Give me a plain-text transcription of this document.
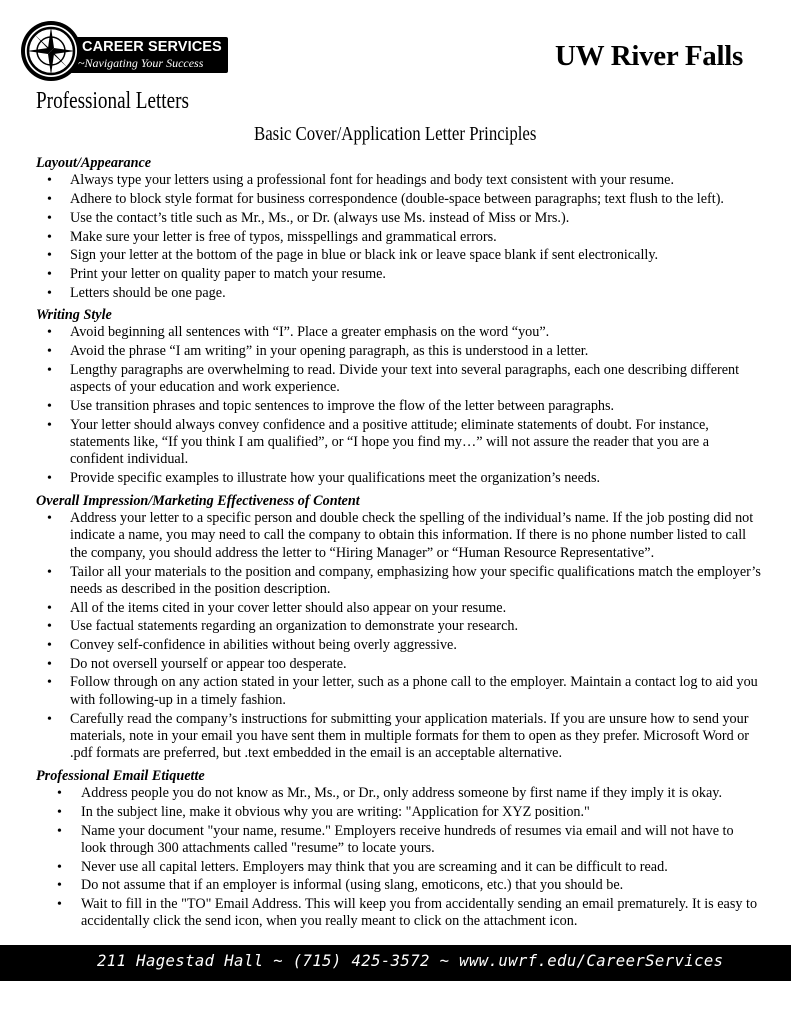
CAREER SERVICES
~Navigating Your Success	UW River Falls
Professional Letters
Basic Cover/Application Letter Principles
Layout/Appearance
• Always type your letters using a professional font for headings and body text consistent with your resume.
• Adhere to block style format for business correspondence (double-space between paragraphs; text flush to the left).
• Use the contact’s title such as Mr., Ms., or Dr. (always use Ms. instead of Miss or Mrs.).
• Make sure your letter is free of typos, misspellings and grammatical errors.
• Sign your letter at the bottom of the page in blue or black ink or leave space blank if sent electronically.
• Print your letter on quality paper to match your resume.
• Letters should be one page.
Writing Style
• Avoid beginning all sentences with “I”. Place a greater emphasis on the word “you”.
• Avoid the phrase “I am writing” in your opening paragraph, as this is understood in a letter.
• Lengthy paragraphs are overwhelming to read. Divide your text into several paragraphs, each one describing different aspects of your education and work experience.
• Use transition phrases and topic sentences to improve the flow of the letter between paragraphs.
• Your letter should always convey confidence and a positive attitude; eliminate statements of doubt. For instance, statements like, “If you think I am qualified”, or “I hope you find my…” will not assure the reader that you are a confident individual.
• Provide specific examples to illustrate how your qualifications meet the organization’s needs.
Overall Impression/Marketing Effectiveness of Content
• Address your letter to a specific person and double check the spelling of the individual’s name. If the job posting did not indicate a name, you may need to call the company to obtain this information. If there is no phone number listed to call the company, you should address the letter to “Hiring Manager” or “Human Resource Representative”.
• Tailor all your materials to the position and company, emphasizing how your specific qualifications match the employer’s needs as described in the position description.
• All of the items cited in your cover letter should also appear on your resume.
• Use factual statements regarding an organization to demonstrate your research.
• Convey self-confidence in abilities without being overly aggressive.
• Do not oversell yourself or appear too desperate.
• Follow through on any action stated in your letter, such as a phone call to the employer. Maintain a contact log to aid you with following-up in a timely fashion.
• Carefully read the company’s instructions for submitting your application materials. If you are unsure how to send your materials, note in your email you have sent them in multiple formats for them to open as they prefer. Microsoft Word or .pdf formats are preferred, but .text embedded in the email is an acceptable alternative.
Professional Email Etiquette
• Address people you do not know as Mr., Ms., or Dr., only address someone by first name if they imply it is okay.
• In the subject line, make it obvious why you are writing: "Application for XYZ position."
• Name your document "your name, resume." Employers receive hundreds of resumes via email and will not have to look through 300 attachments called "resume” to locate yours.
• Never use all capital letters. Employers may think that you are screaming and it can be difficult to read.
• Do not assume that if an employer is informal (using slang, emoticons, etc.) that you should be.
• Wait to fill in the "TO" Email Address. This will keep you from accidentally sending an email prematurely. It is easy to accidentally click the send icon, when you really meant to click on the attachment icon.
211 Hagestad Hall ~ (715) 425-3572 ~ www.uwrf.edu/CareerServices
